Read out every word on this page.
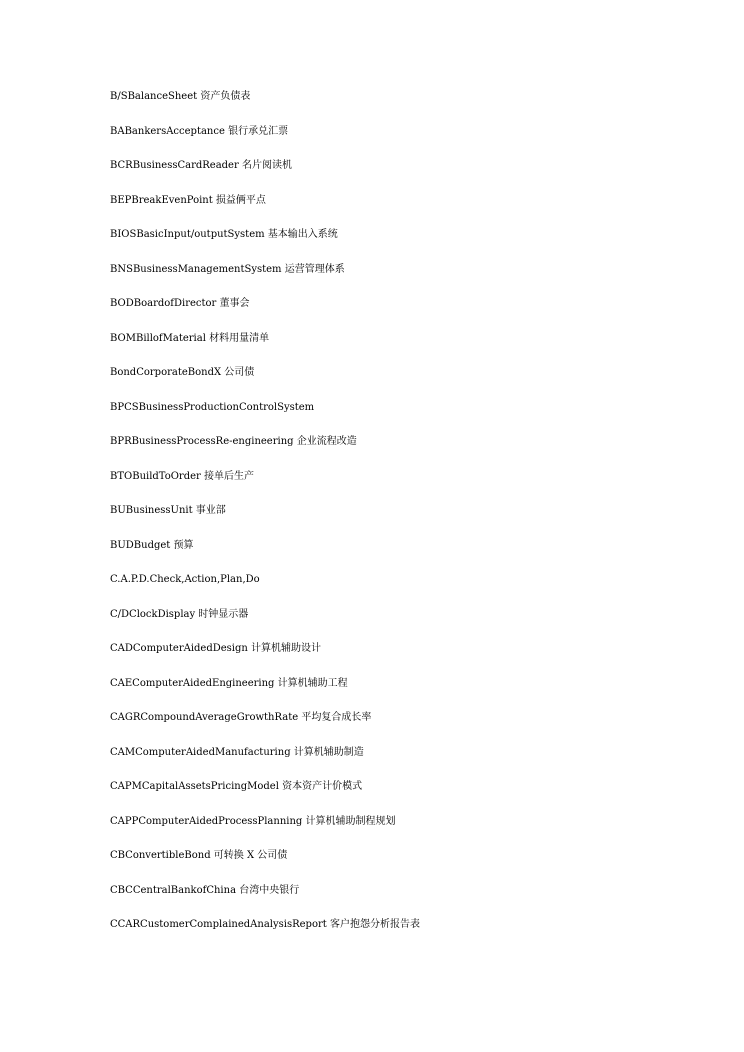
B/SBalanceSheet 资产负债表
BABankersAcceptance 银行承兑汇票
BCRBusinessCardReader 名片阅读机
BEPBreakEvenPoint 损益俩平点
BIOSBasicInput/outputSystem 基本输出入系统
BNSBusinessManagementSystem 运营管理体系
BODBoardofDirector 董事会
BOMBillofMaterial 材料用量清单
BondCorporateBondX 公司债
BPCSBusinessProductionControlSystem
BPRBusinessProcessRe-engineering 企业流程改造
BTOBuildToOrder 接单后生产
BUBusinessUnit 事业部
BUDBudget 预算
C.A.P.D.Check,Action,Plan,Do
C/DClockDisplay 时钟显示器
CADComputerAidedDesign 计算机辅助设计
CAEComputerAidedEngineering 计算机辅助工程
CAGRCompoundAverageGrowthRate 平均复合成长率
CAMComputerAidedManufacturing 计算机辅助制造
CAPMCapitalAssetsPricingModel 资本资产计价模式
CAPPComputerAidedProcessPlanning 计算机辅助制程规划
CBConvertibleBond 可转换 X 公司债
CBCCentralBankofChina 台湾中央银行
CCARCustomerComplainedAnalysisReport 客户抱怨分析报告表
